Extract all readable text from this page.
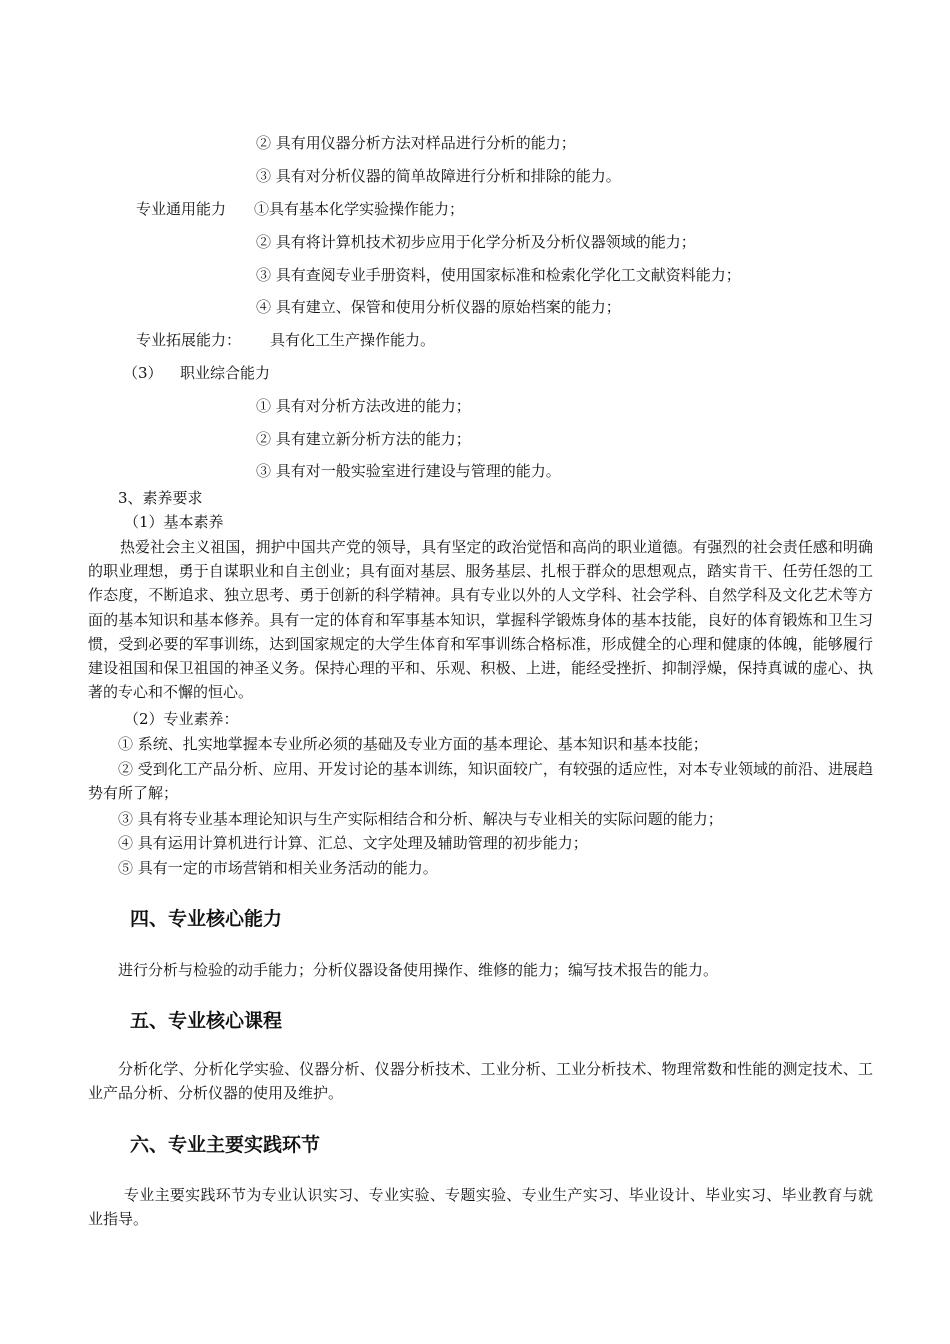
② 具有用仪器分析方法对样品进行分析的能力；
③ 具有对分析仪器的简单故障进行分析和排除的能力。
专业通用能力 ①具有基本化学实验操作能力；
② 具有将计算机技术初步应用于化学分析及分析仪器领域的能力；
③ 具有查阅专业手册资料，使用国家标准和检索化学化工文献资料能力；
④ 具有建立、保管和使用分析仪器的原始档案的能力；
专业拓展能力： 具有化工生产操作能力。
（3） 职业综合能力
① 具有对分析方法改进的能力；
② 具有建立新分析方法的能力；
③ 具有对一般实验室进行建设与管理的能力。
3、素养要求
（1）基本素养
热爱社会主义祖国，拥护中国共产党的领导，具有坚定的政治觉悟和高尚的职业道德。有强烈的社会责任感和明确的职业理想，勇于自谋职业和自主创业；具有面对基层、服务基层、扎根于群众的思想观点，踏实肯干、任劳任怨的工作态度，不断追求、独立思考、勇于创新的科学精神。具有专业以外的人文学科、社会学科、自然学科及文化艺术等方面的基本知识和基本修养。具有一定的体育和军事基本知识，掌握科学锻炼身体的基本技能，良好的体育锻炼和卫生习惯，受到必要的军事训练，达到国家规定的大学生体育和军事训练合格标准，形成健全的心理和健康的体魄，能够履行建设祖国和保卫祖国的神圣义务。保持心理的平和、乐观、积极、上进，能经受挫折、抑制浮燥，保持真诚的虚心、执著的专心和不懈的恒心。
（2）专业素养：
① 系统、扎实地掌握本专业所必须的基础及专业方面的基本理论、基本知识和基本技能；
② 受到化工产品分析、应用、开发讨论的基本训练，知识面较广，有较强的适应性，对本专业领域的前沿、进展趋势有所了解；
③ 具有将专业基本理论知识与生产实际相结合和分析、解决与专业相关的实际问题的能力；
④ 具有运用计算机进行计算、汇总、文字处理及辅助管理的初步能力；
⑤ 具有一定的市场营销和相关业务活动的能力。
四、专业核心能力
进行分析与检验的动手能力；分析仪器设备使用操作、维修的能力；编写技术报告的能力。
五、专业核心课程
分析化学、分析化学实验、仪器分析、仪器分析技术、工业分析、工业分析技术、物理常数和性能的测定技术、工业产品分析、分析仪器的使用及维护。
六、专业主要实践环节
专业主要实践环节为专业认识实习、专业实验、专题实验、专业生产实习、毕业设计、毕业实习、毕业教育与就业指导。
